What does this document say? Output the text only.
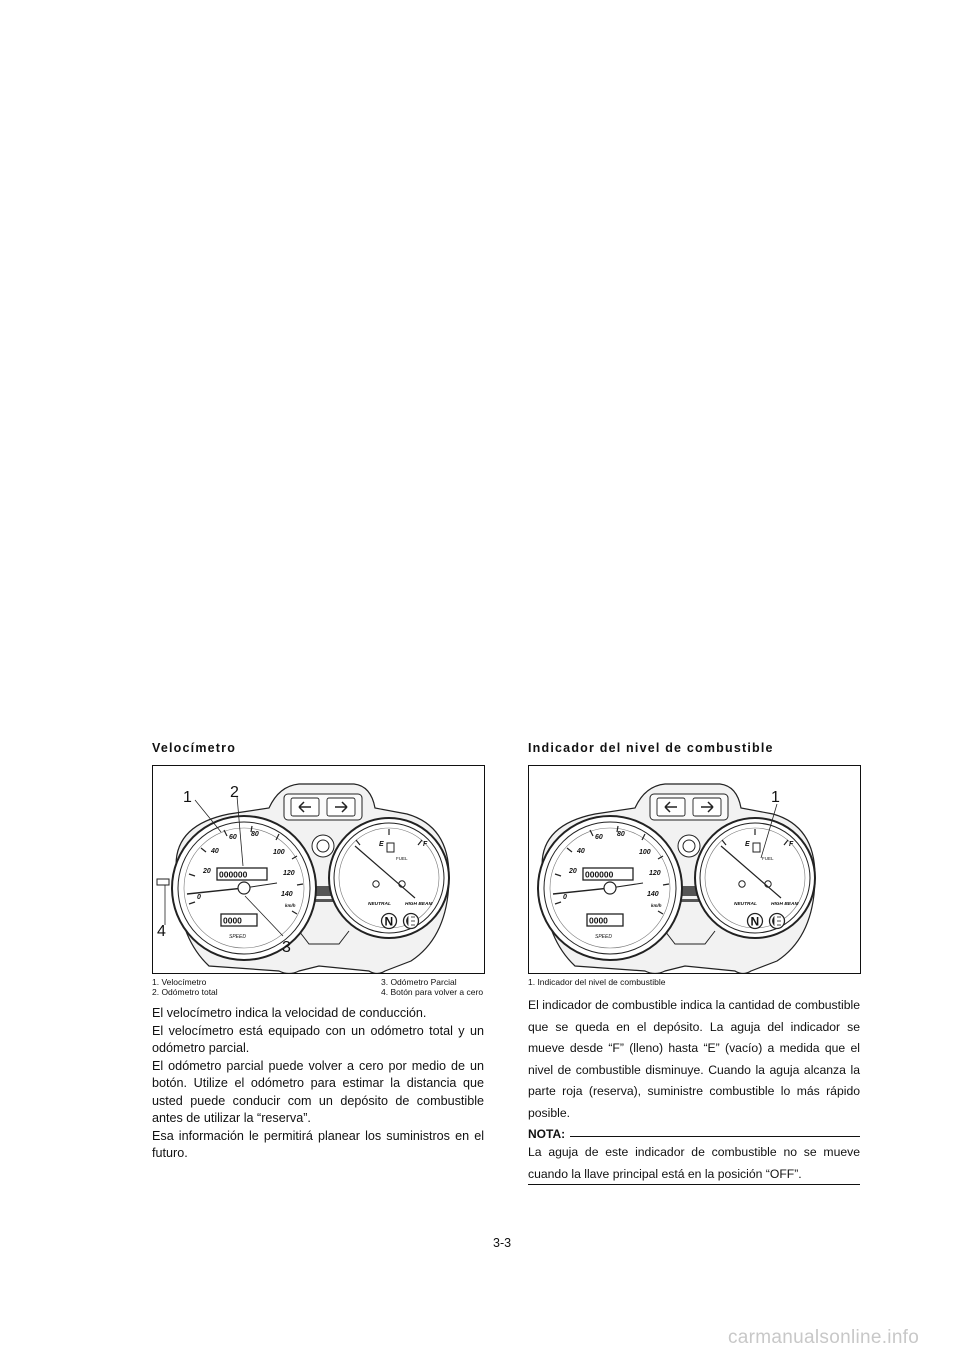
Velocímetro
0
20
40
60 80
100
120
140
km/h
000000
0000
SPEED
E	F
FUEL
NEUTRAL	HIGH BEAM
N
1 2
3
4
1. Velocímetro
2. Odómetro total
3. Odómetro Parcial
4. Botón para volver a cero

El velocímetro indica la velocidad de conducción.

El velocímetro está equipado con un odómetro total y un odómetro parcial.

El odómetro parcial puede volver a cero por medio de un botón. Utilize el odómetro para estimar la distancia que usted puede conducir com un depósito de combustible antes de utilizar la “reserva”.

Esa información le permitirá planear los suministros en el futuro.

Indicador del nivel de combustible
0
20
40
60 80
100
120
140
km/h
000000
0000
SPEED
E	F
FUEL
NEUTRAL	HIGH BEAM
N
1
1. Indicador del nivel de combustible
El indicador de combustible indica la cantidad de combustible que se queda en el depósito. La aguja del indicador se mueve desde “F” (lleno) hasta “E” (vacío) a medida que el nivel de combustible disminuye. Cuando la aguja alcanza la parte roja (reserva), suministre combustible lo más rápido posible.
NOTA:
La aguja de este indicador de combustible no se mueve cuando la llave principal está en la posición “OFF”.
3-3
carmanualsonline.info
